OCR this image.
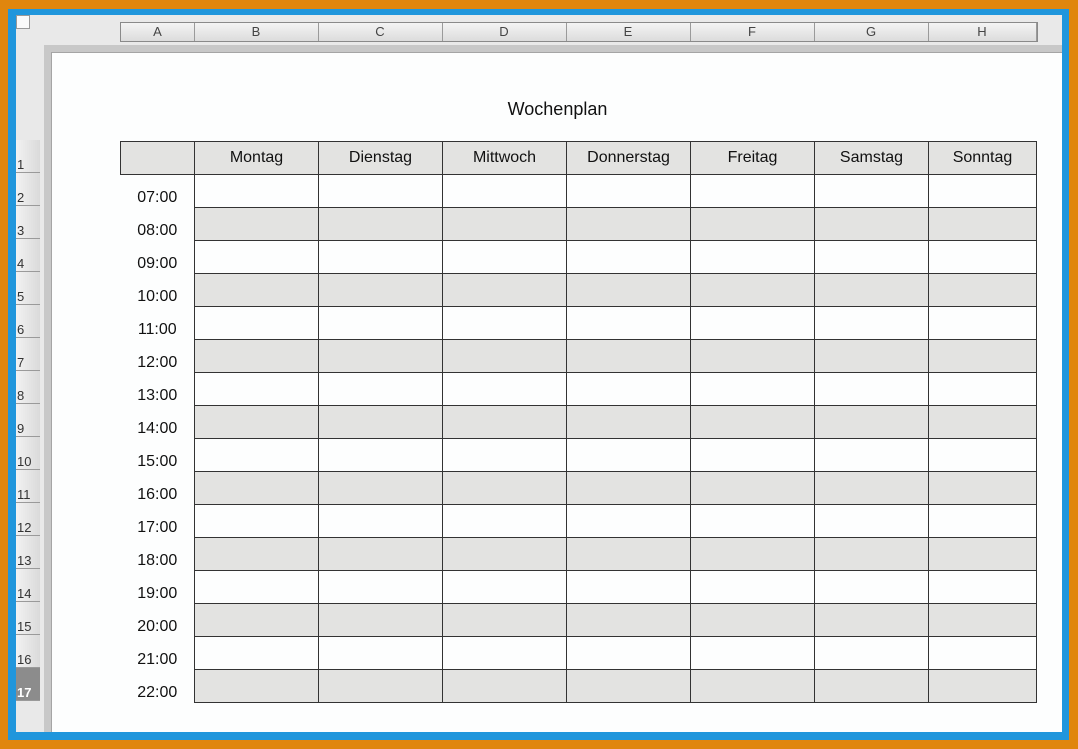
A	B	C	D	E	F	G	H
Wochenplan
	Montag	Dienstag	Mittwoch	Donnerstag	Freitag	Samstag	Sonntag
07:00							
08:00							
09:00							
10:00							
11:00							
12:00							
13:00							
14:00							
15:00							
16:00							
17:00							
18:00							
19:00							
20:00							
21:00							
22:00							
1
2
3
4
5
6
7
8
9
10
11
12
13
14
15
16
17
